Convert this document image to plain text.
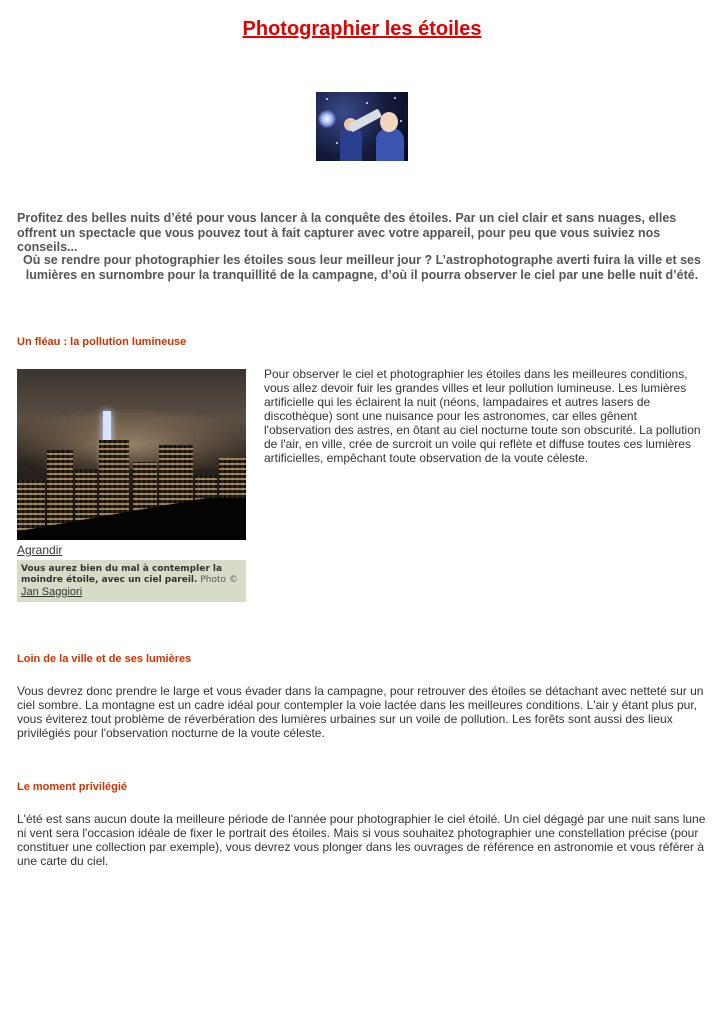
Photographier les étoiles

Profitez des belles nuits d’été pour vous lancer à la conquête des étoiles. Par un ciel clair et sans nuages, elles offrent un spectacle que vous pouvez tout à fait capturer avec votre appareil, pour peu que vous suiviez nos conseils...

Où se rendre pour photographier les étoiles sous leur meilleur jour ? L’astrophotographe averti fuira la ville et ses lumières en surnombre pour la tranquillité de la campagne, d’où il pourra observer le ciel par une belle nuit d’été.

Un fléau : la pollution lumineuse
Agrandir
Vous aurez bien du mal à contempler la moindre étoile, avec un ciel pareil. Photo ©
Jan Saggiori

Pour observer le ciel et photographier les étoiles dans les meilleures conditions, vous allez devoir fuir les grandes villes et leur pollution lumineuse. Les lumières artificielle qui les éclairent la nuit (néons, lampadaires et autres lasers de discothèque) sont une nuisance pour les astronomes, car elles gênent l'observation des astres, en ôtant au ciel nocturne toute son obscurité. La pollution de l'air, en ville, crée de surcroit un voile qui reflète et diffuse toutes ces lumières artificielles, empêchant toute observation de la voute céleste.

Loin de la ville et de ses lumières

Vous devrez donc prendre le large et vous évader dans la campagne, pour retrouver des étoiles se détachant avec netteté sur un ciel sombre. La montagne est un cadre idéal pour contempler la voie lactée dans les meilleures conditions. L'air y étant plus pur, vous éviterez tout problème de réverbération des lumières urbaines sur un voile de pollution. Les forêts sont aussi des lieux privilégiés pour l'observation nocturne de la voute céleste.

Le moment privilégié

L'été est sans aucun doute la meilleure période de l'année pour photographier le ciel étoilé. Un ciel dégagé par une nuit sans lune ni vent sera l'occasion idéale de fixer le portrait des étoiles. Mais si vous souhaitez photographier une constellation précise (pour constituer une collection par exemple), vous devrez vous plonger dans les ouvrages de référence en astronomie et vous référer à une carte du ciel.
